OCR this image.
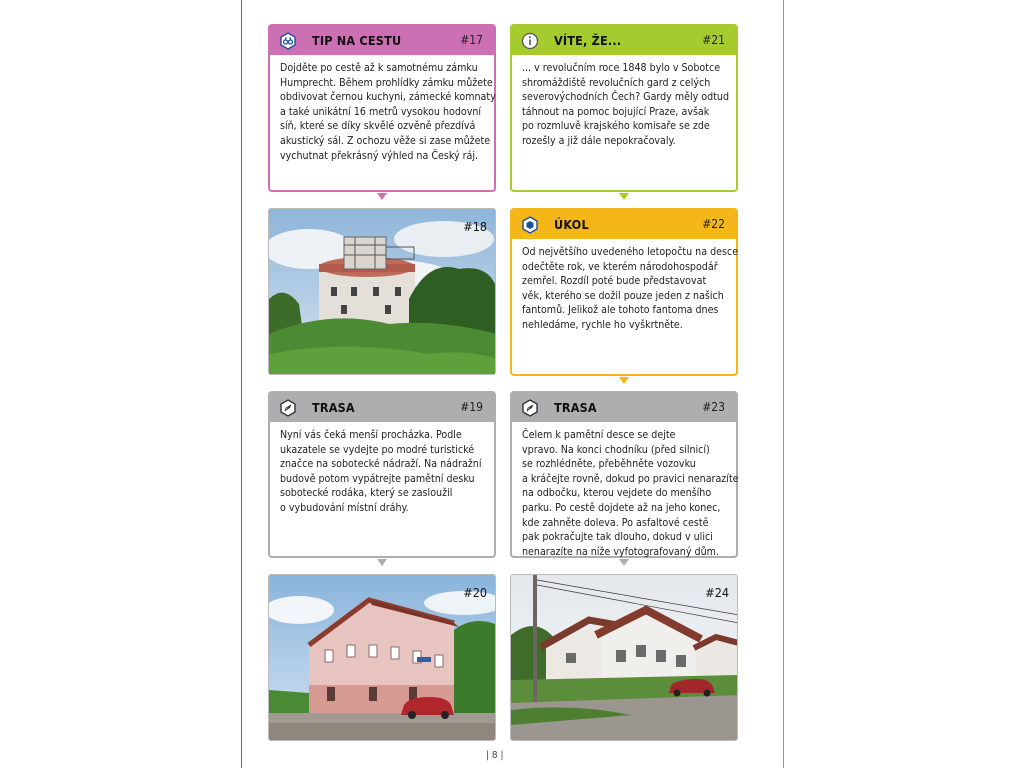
TIP NA CESTU	#17
Dojděte po cestě až k samotnému zámku
Humprecht. Během prohlídky zámku můžete
obdivovat černou kuchyni, zámecké komnaty
a také unikátní 16 metrů vysokou hodovní
síň, které se díky skvělé ozvěně přezdívá
akustický sál. Z ochozu věže si zase můžete
vychutnat překrásný výhled na Český ráj.
VÍTE, ŽE...	#21
... v revolučním roce 1848 bylo v Sobotce
shromáždiště revolučních gard z celých
severovýchodních Čech? Gardy měly odtud
táhnout na pomoc bojující Praze, avšak
po rozmluvě krajského komisaře se zde
rozešly a již dále nepokračovaly.
#18	ÚKOL	#22
Od největšího uvedeného letopočtu na desce
odečtěte rok, ve kterém národohospodář
zemřel. Rozdíl poté bude představovat
věk, kterého se dožil pouze jeden z našich
fantomů. Jelikož ale tohoto fantoma dnes
nehledáme, rychle ho vyškrtněte.
TRASA	#19
Nyní vás čeká menší procházka. Podle
ukazatele se vydejte po modré turistické
značce na sobotecké nádraží. Na nádražní
budově potom vypátrejte pamětní desku
sobotecké rodáka, který se zasloužil
o vybudování místní dráhy.
TRASA	#23
Čelem k pamětní desce se dejte
vpravo. Na konci chodníku (před silnicí)
se rozhlédněte, přeběhněte vozovku
a kráčejte rovně, dokud po pravici nenarazíte
na odbočku, kterou vejdete do menšího
parku. Po cestě dojdete až na jeho konec,
kde zahněte doleva. Po asfaltové cestě
pak pokračujte tak dlouho, dokud v ulici
nenarazíte na níže vyfotografovaný dům.
#20	#24
| 8 |
